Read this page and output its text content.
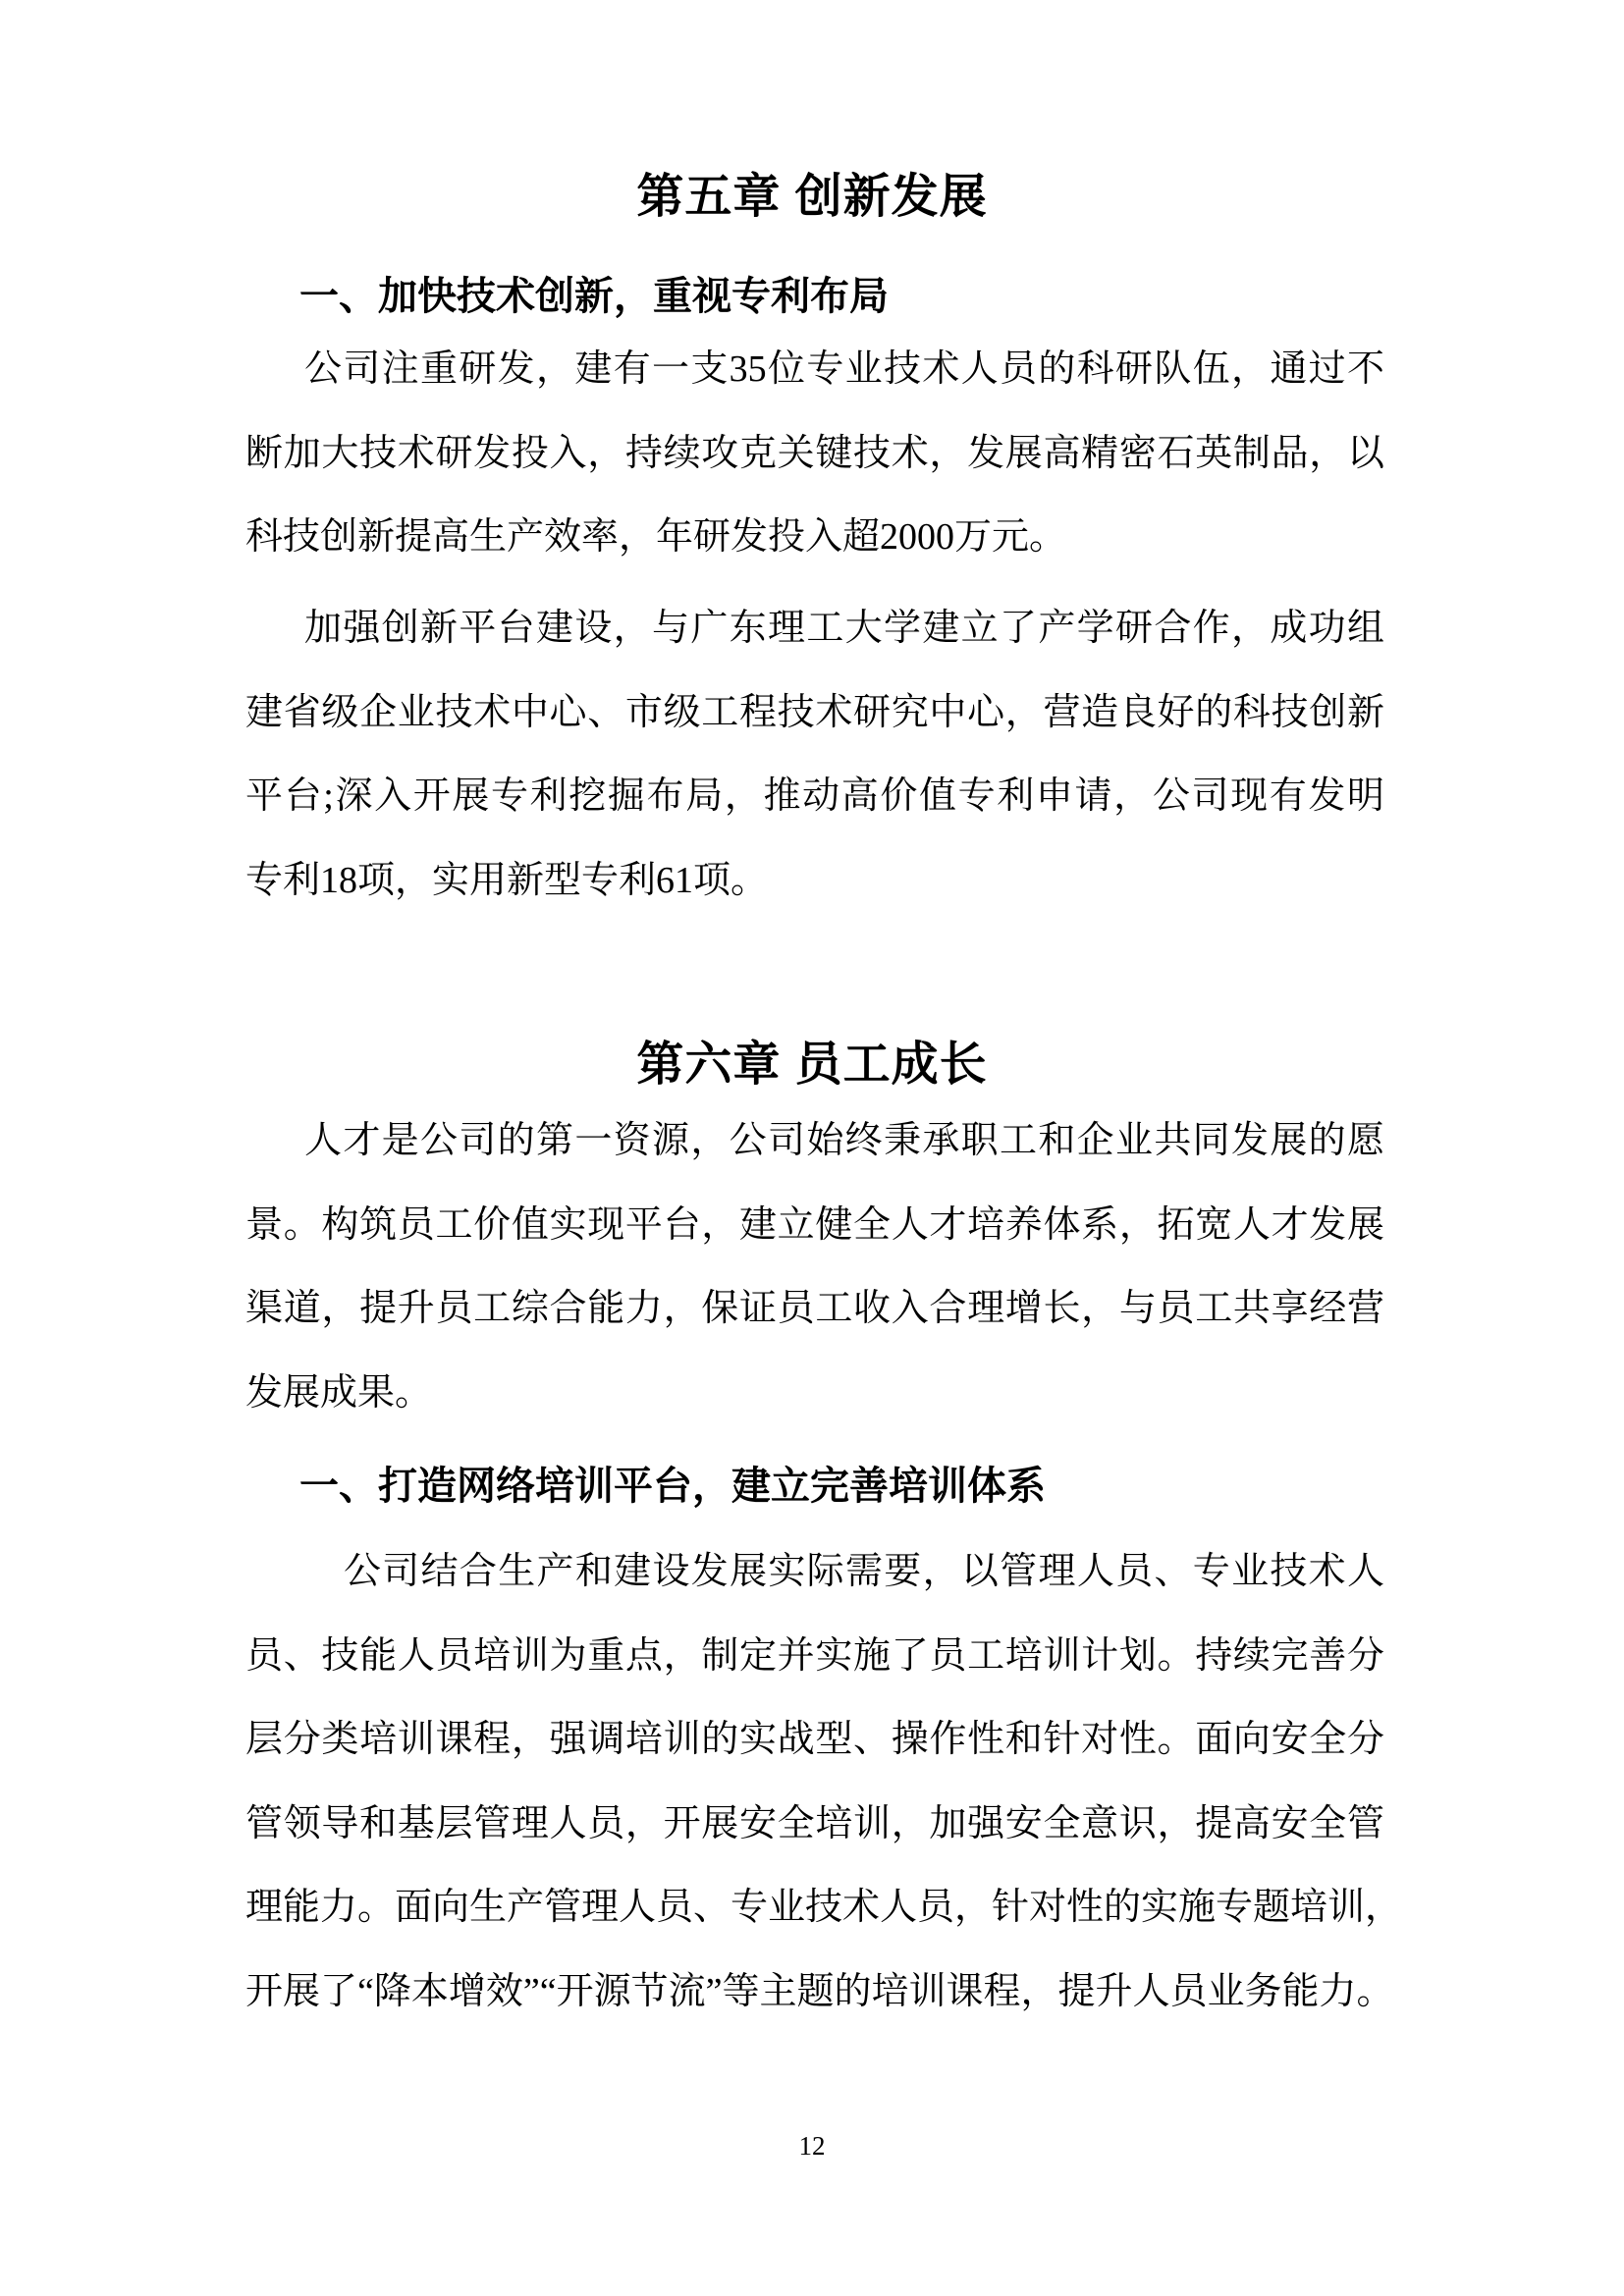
第五章 创新发展
一、加快技术创新，重视专利布局
公司注重研发，建有一支35位专业技术人员的科研队伍，通过不
断加大技术研发投入，持续攻克关键技术，发展高精密石英制品，以
科技创新提高生产效率，年研发投入超2000万元。
加强创新平台建设，与广东理工大学建立了产学研合作，成功组
建省级企业技术中心、市级工程技术研究中心，营造良好的科技创新
平台;深入开展专利挖掘布局，推动高价值专利申请，公司现有发明
专利18项，实用新型专利61项。
第六章 员工成长
人才是公司的第一资源，公司始终秉承职工和企业共同发展的愿
景。构筑员工价值实现平台，建立健全人才培养体系，拓宽人才发展
渠道，提升员工综合能力，保证员工收入合理增长，与员工共享经营
发展成果。
一、打造网络培训平台，建立完善培训体系
公司结合生产和建设发展实际需要，以管理人员、专业技术人
员、技能人员培训为重点，制定并实施了员工培训计划。持续完善分
层分类培训课程，强调培训的实战型、操作性和针对性。面向安全分
管领导和基层管理人员，开展安全培训，加强安全意识，提高安全管
理能力。面向生产管理人员、专业技术人员，针对性的实施专题培训，
开展了“降本增效”“开源节流”等主题的培训课程，提升人员业务能力。
12
